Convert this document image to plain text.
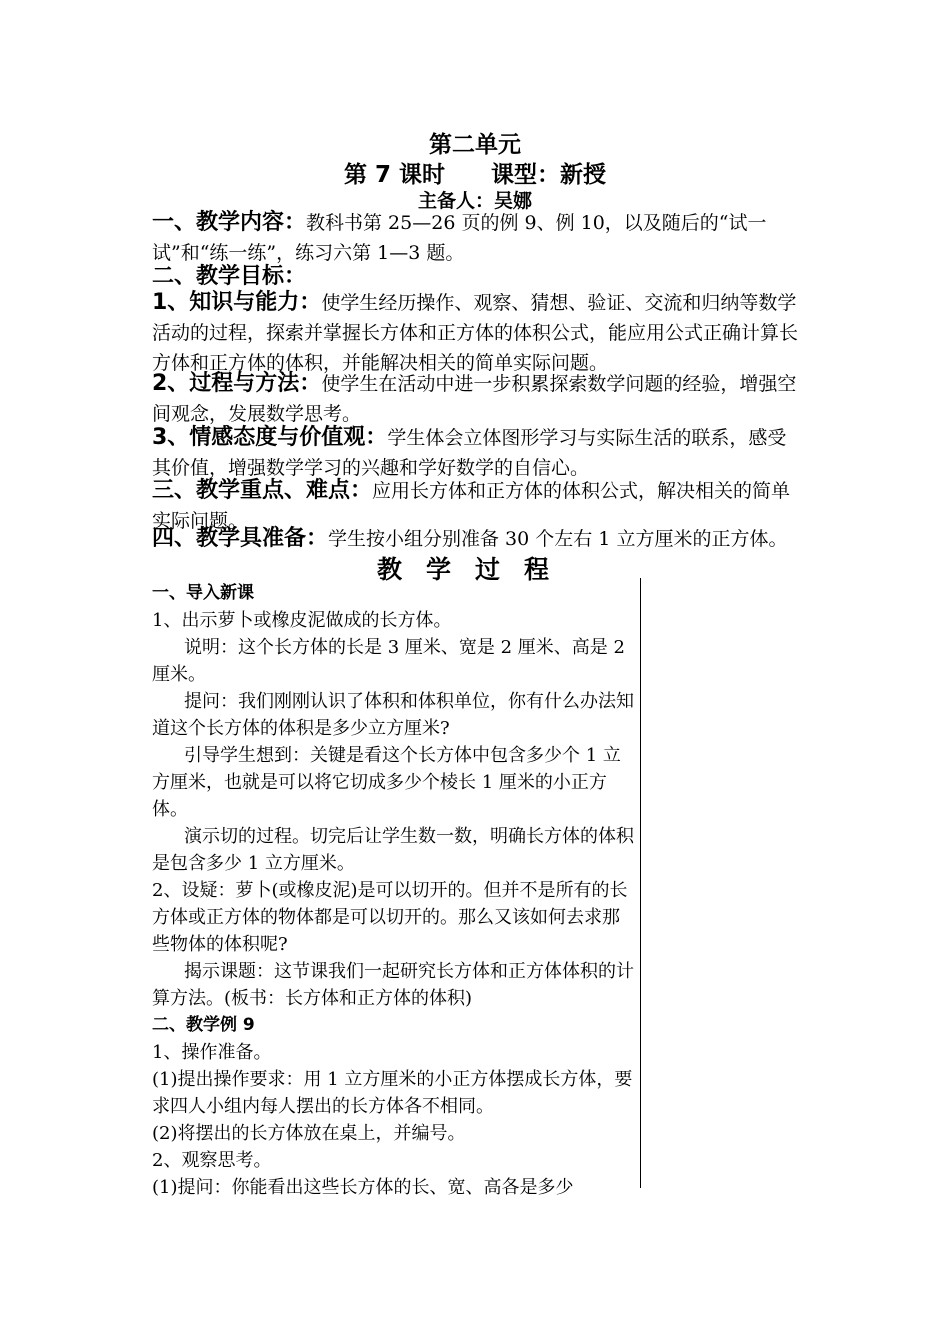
第二单元
第 7 课时　　课型：新授
主备人：吴娜
一、教学内容：教科书第 25—26 页的例 9、例 10，以及随后的“试一试”和“练一练”，练习六第 1—3 题。
二、教学目标：
1、知识与能力：使学生经历操作、观察、猜想、验证、交流和归纳等数学活动的过程，探索并掌握长方体和正方体的体积公式，能应用公式正确计算长方体和正方体的体积，并能解决相关的简单实际问题。
2、过程与方法：使学生在活动中进一步积累探索数学问题的经验，增强空间观念，发展数学思考。
3、情感态度与价值观：学生体会立体图形学习与实际生活的联系，感受其价值，增强数学学习的兴趣和学好数学的自信心。
三、教学重点、难点：应用长方体和正方体的体积公式，解决相关的简单实际问题。
四、教学具准备：学生按小组分别准备 30 个左右 1 立方厘米的正方体。
教学过程

一、导入新课

1、出示萝卜或橡皮泥做成的长方体。

说明：这个长方体的长是 3 厘米、宽是 2 厘米、高是 2 厘米。

提问：我们刚刚认识了体积和体积单位，你有什么办法知道这个长方体的体积是多少立方厘米?

引导学生想到：关键是看这个长方体中包含多少个 1 立方厘米，也就是可以将它切成多少个棱长 1 厘米的小正方体。

演示切的过程。切完后让学生数一数，明确长方体的体积是包含多少 1 立方厘米。

2、设疑：萝卜(或橡皮泥)是可以切开的。但并不是所有的长方体或正方体的物体都是可以切开的。那么又该如何去求那些物体的体积呢?

揭示课题：这节课我们一起研究长方体和正方体体积的计算方法。(板书：长方体和正方体的体积)

二、教学例 9

1、操作准备。

(1)提出操作要求：用 1 立方厘米的小正方体摆成长方体，要求四人小组内每人摆出的长方体各不相同。

(2)将摆出的长方体放在桌上，并编号。

2、观察思考。

(1)提问：你能看出这些长方体的长、宽、高各是多少
